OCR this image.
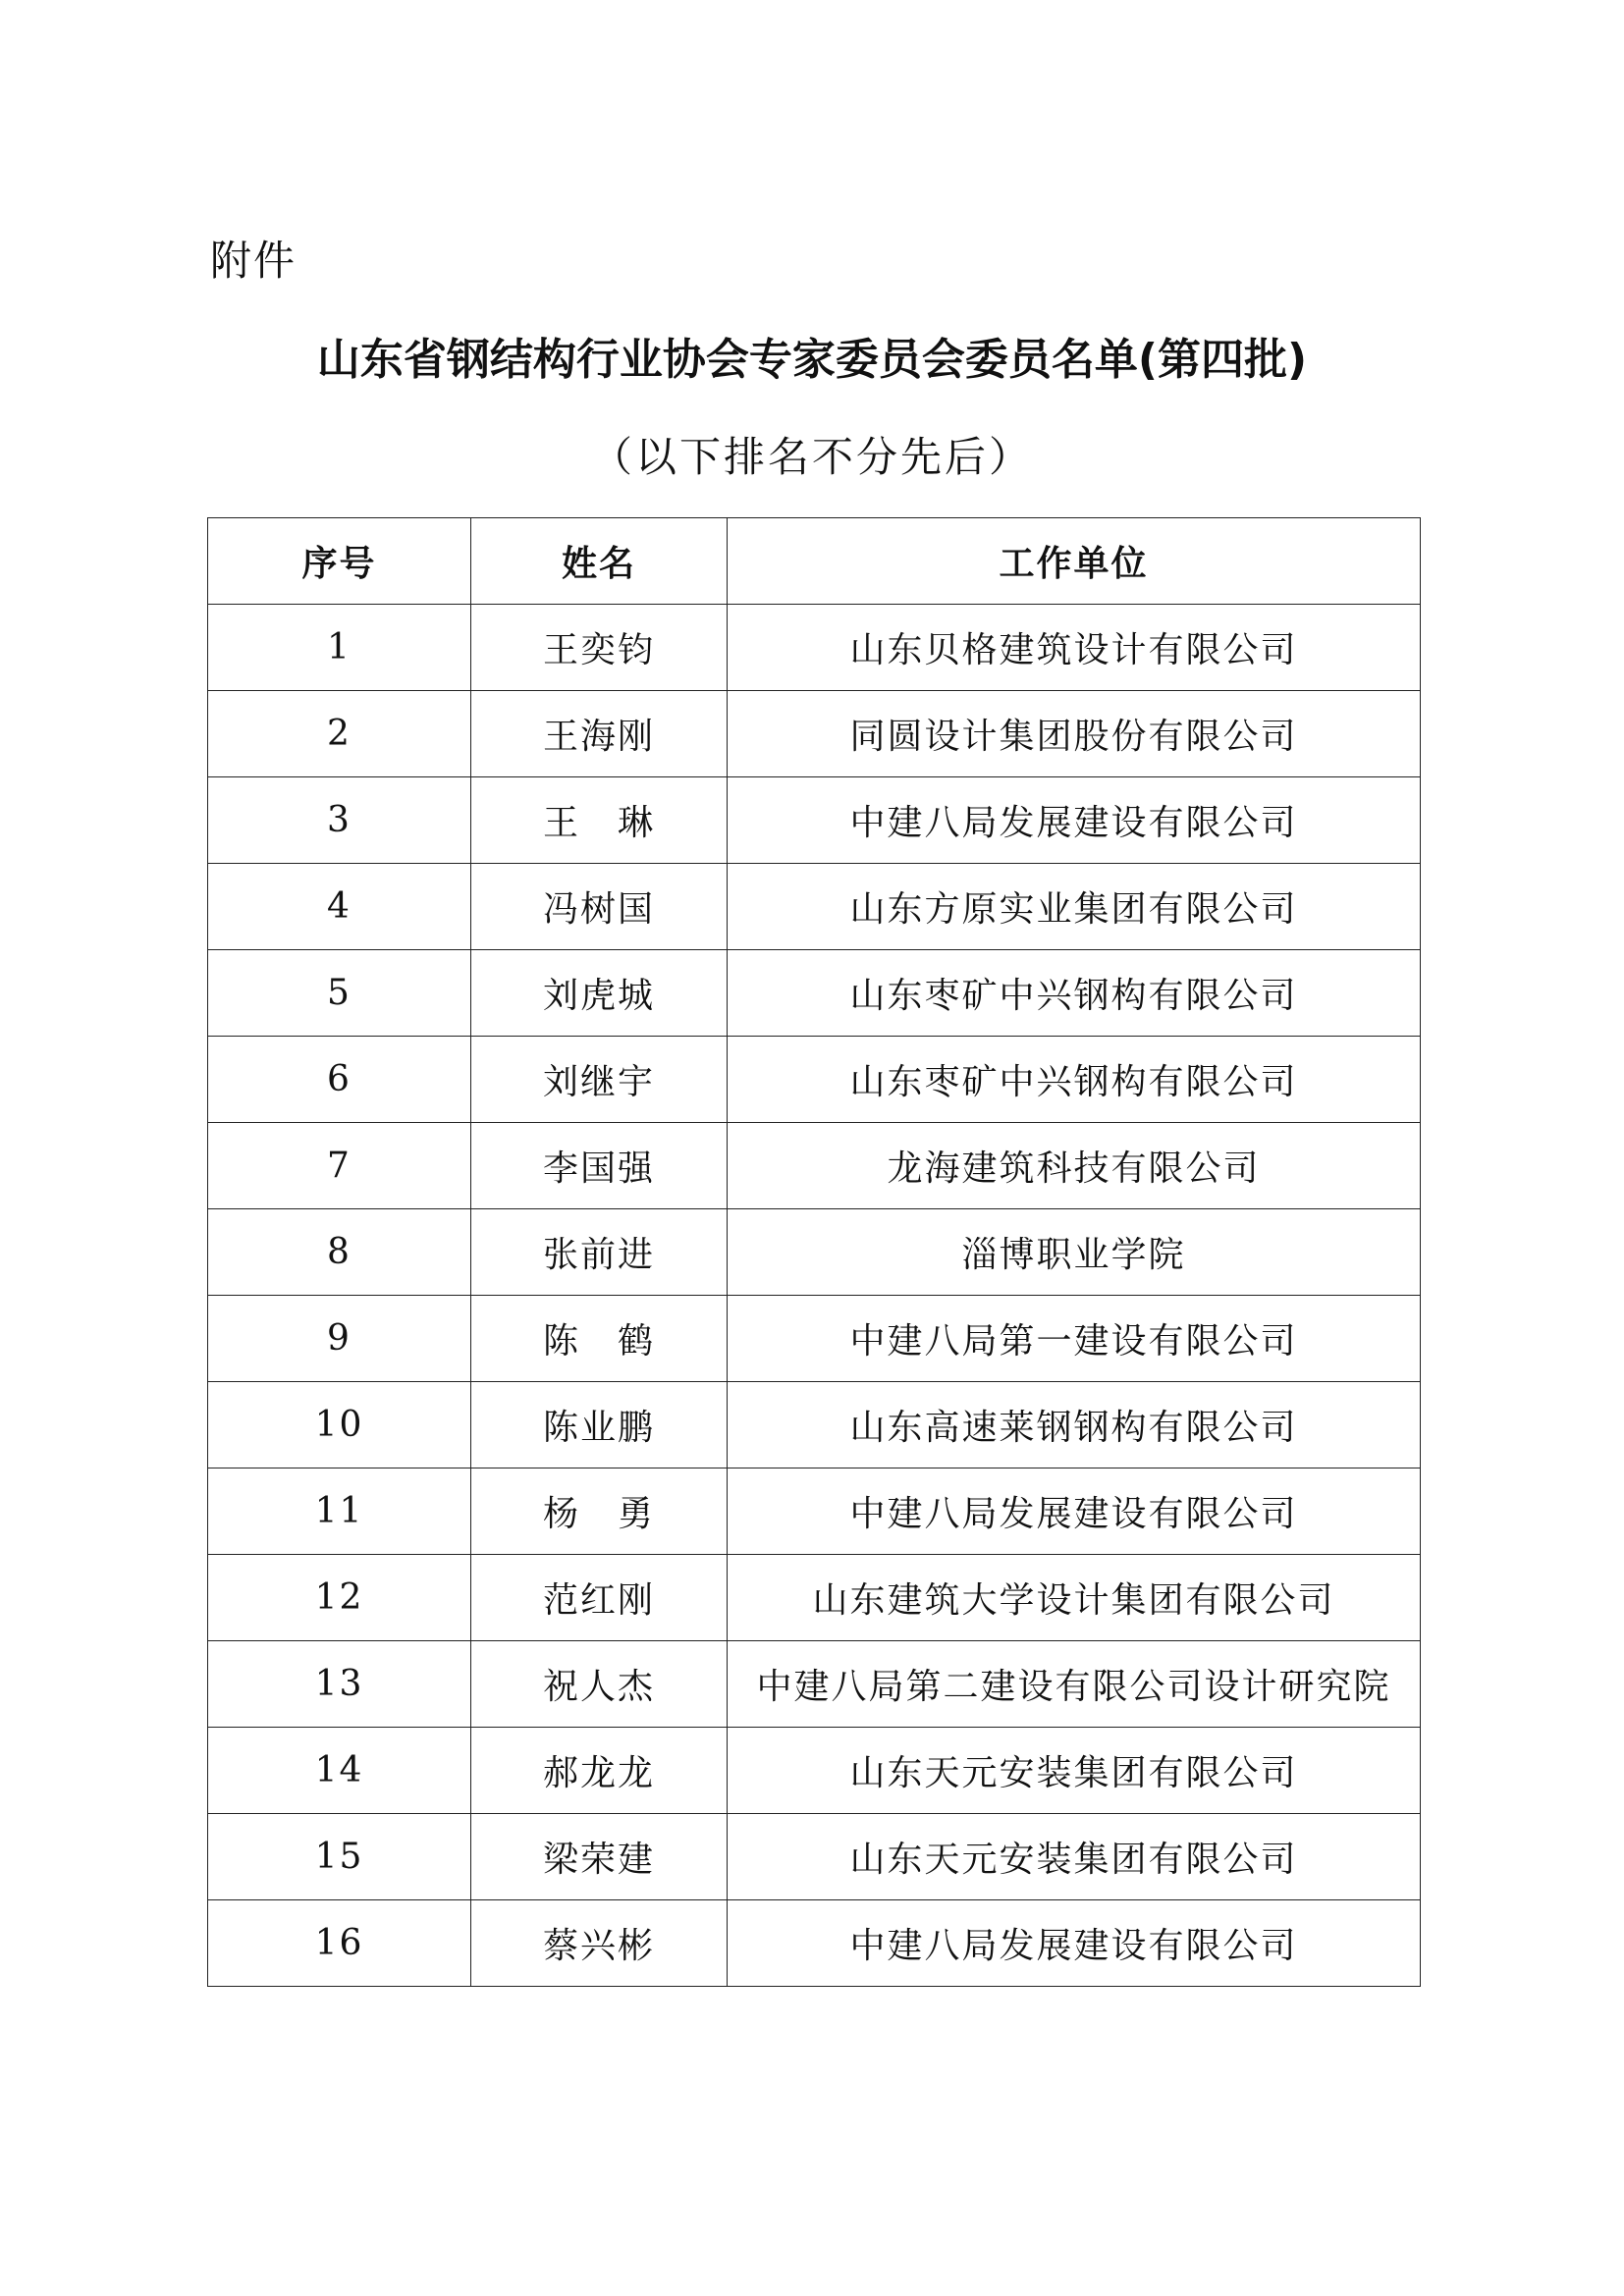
附件
山东省钢结构行业协会专家委员会委员名单(第四批)
（以下排名不分先后）
序号	姓名	工作单位
1	王奕钧	山东贝格建筑设计有限公司
2	王海刚	同圆设计集团股份有限公司
3	王　琳	中建八局发展建设有限公司
4	冯树国	山东方原实业集团有限公司
5	刘虎城	山东枣矿中兴钢构有限公司
6	刘继宇	山东枣矿中兴钢构有限公司
7	李国强	龙海建筑科技有限公司
8	张前进	淄博职业学院
9	陈　鹤	中建八局第一建设有限公司
10	陈业鹏	山东高速莱钢钢构有限公司
11	杨　勇	中建八局发展建设有限公司
12	范红刚	山东建筑大学设计集团有限公司
13	祝人杰	中建八局第二建设有限公司设计研究院
14	郝龙龙	山东天元安装集团有限公司
15	梁荣建	山东天元安装集团有限公司
16	蔡兴彬	中建八局发展建设有限公司
